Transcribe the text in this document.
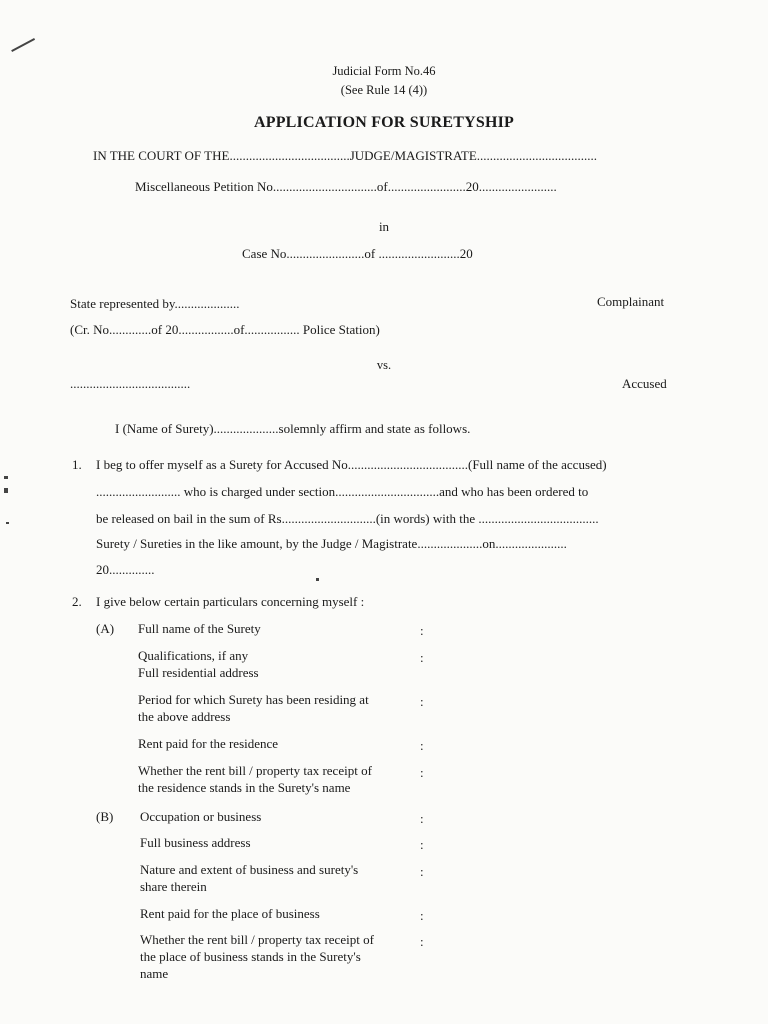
Judicial Form No.46
(See Rule 14 (4))
APPLICATION FOR SURETYSHIP
IN THE COURT OF THE.....................................JUDGE/MAGISTRATE.....................................
Miscellaneous Petition No................................of........................20........................
in
Case No........................of .........................20
State represented by....................	Complainant
(Cr. No.............of 20.................of................. Police Station)
vs.
.....................................	Accused
I (Name of Surety)....................solemnly affirm and state as follows.
1. I beg to offer myself as a Surety for Accused No.....................................(Full name of the accused)
.......................... who is charged under section................................and who has been ordered to
be released on bail in the sum of Rs.............................(in words) with the .....................................
Surety / Sureties in the like amount, by the Judge / Magistrate....................on......................
20..............
2. I give below certain particulars concerning myself :
(A) Full name of the Surety	:
Qualifications, if any
Full residential address
:
Period for which Surety has been residing at
the above address
:
Rent paid for the residence	:
Whether the rent bill / property tax receipt of
the residence stands in the Surety's name
:
(B) Occupation or business	:
Full business address	:
Nature and extent of business and surety's
share therein
:
Rent paid for the place of business	:
Whether the rent bill / property tax receipt of
the place of business stands in the Surety's
name
:
